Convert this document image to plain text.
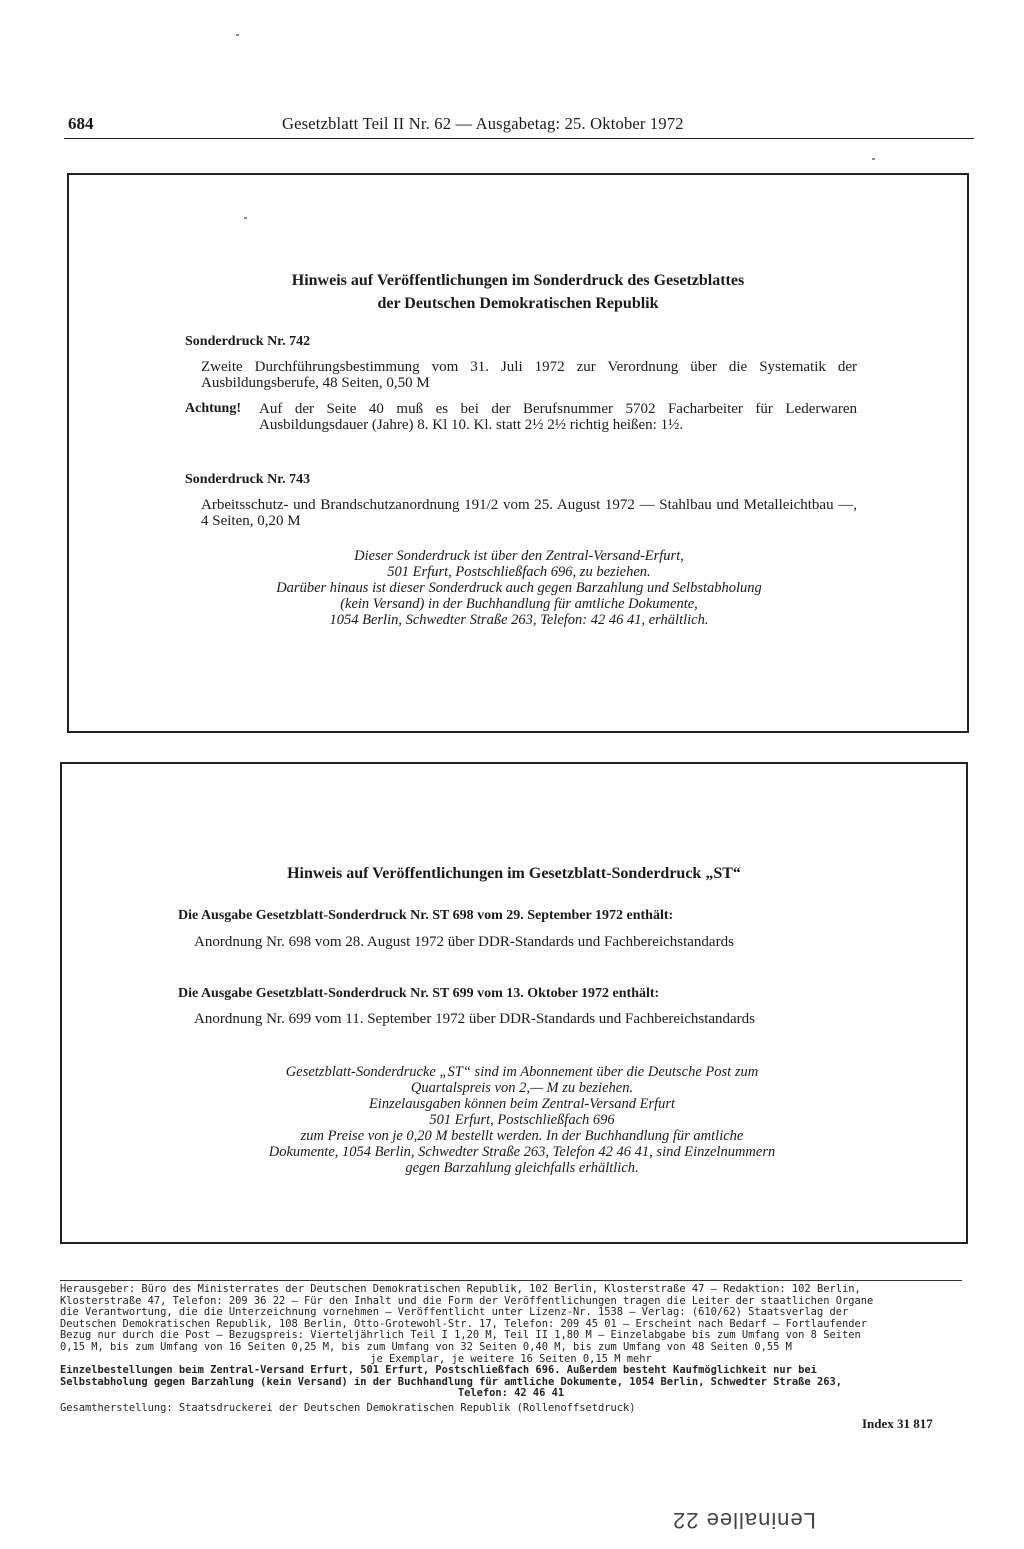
684	Gesetzblatt Teil II Nr. 62 — Ausgabetag: 25. Oktober 1972
Hinweis auf Veröffentlichungen im Sonderdruck des Gesetzblattes
der Deutschen Demokratischen Republik
Sonderdruck Nr. 742
Zweite Durchführungsbestimmung vom 31. Juli 1972 zur Verordnung über die Systematik der Ausbildungsberufe, 48 Seiten, 0,50 M
Achtung! Auf der Seite 40 muß es bei der Berufsnummer 5702 Facharbeiter für Lederwaren Ausbildungsdauer (Jahre) 8. Kl 10. Kl. statt 2½ 2½ richtig heißen: 1½.
Sonderdruck Nr. 743
Arbeitsschutz- und Brandschutzanordnung 191/2 vom 25. August 1972 — Stahlbau und Metalleichtbau —, 4 Seiten, 0,20 M
Dieser Sonderdruck ist über den Zentral-Versand-Erfurt,
501 Erfurt, Postschließfach 696, zu beziehen.
Darüber hinaus ist dieser Sonderdruck auch gegen Barzahlung und Selbstabholung
(kein Versand) in der Buchhandlung für amtliche Dokumente,
1054 Berlin, Schwedter Straße 263, Telefon: 42 46 41, erhältlich.
Hinweis auf Veröffentlichungen im Gesetzblatt-Sonderdruck „ST“
Die Ausgabe Gesetzblatt-Sonderdruck Nr. ST 698 vom 29. September 1972 enthält:
Anordnung Nr. 698 vom 28. August 1972 über DDR-Standards und Fachbereichstandards
Die Ausgabe Gesetzblatt-Sonderdruck Nr. ST 699 vom 13. Oktober 1972 enthält:
Anordnung Nr. 699 vom 11. September 1972 über DDR-Standards und Fachbereichstandards
Gesetzblatt-Sonderdrucke „ST“ sind im Abonnement über die Deutsche Post zum
Quartalspreis von 2,— M zu beziehen.
Einzelausgaben können beim Zentral-Versand Erfurt
501 Erfurt, Postschließfach 696
zum Preise von je 0,20 M bestellt werden. In der Buchhandlung für amtliche
Dokumente, 1054 Berlin, Schwedter Straße 263, Telefon 42 46 41, sind Einzelnummern
gegen Barzahlung gleichfalls erhältlich.
Herausgeber: Büro des Ministerrates der Deutschen Demokratischen Republik, 102 Berlin, Klosterstraße 47 — Redaktion: 102 Berlin,
Klosterstraße 47, Telefon: 209 36 22 — Für den Inhalt und die Form der Veröffentlichungen tragen die Leiter der staatlichen Organe
die Verantwortung, die die Unterzeichnung vornehmen — Veröffentlicht unter Lizenz-Nr. 1538 — Verlag: (610/62) Staatsverlag der
Deutschen Demokratischen Republik, 108 Berlin, Otto-Grotewohl-Str. 17, Telefon: 209 45 01 — Erscheint nach Bedarf — Fortlaufender
Bezug nur durch die Post — Bezugspreis: Vierteljährlich Teil I 1,20 M, Teil II 1,80 M — Einzelabgabe bis zum Umfang von 8 Seiten
0,15 M, bis zum Umfang von 16 Seiten 0,25 M, bis zum Umfang von 32 Seiten 0,40 M, bis zum Umfang von 48 Seiten 0,55 M
je Exemplar, je weitere 16 Seiten 0,15 M mehr
Einzelbestellungen beim Zentral-Versand Erfurt, 501 Erfurt, Postschließfach 696. Außerdem besteht Kaufmöglichkeit nur bei
Selbstabholung gegen Barzahlung (kein Versand) in der Buchhandlung für amtliche Dokumente, 1054 Berlin, Schwedter Straße 263,
Telefon: 42 46 41
Gesamtherstellung: Staatsdruckerei der Deutschen Demokratischen Republik (Rollenoffsetdruck)
Index 31 817
Leninallee 22
